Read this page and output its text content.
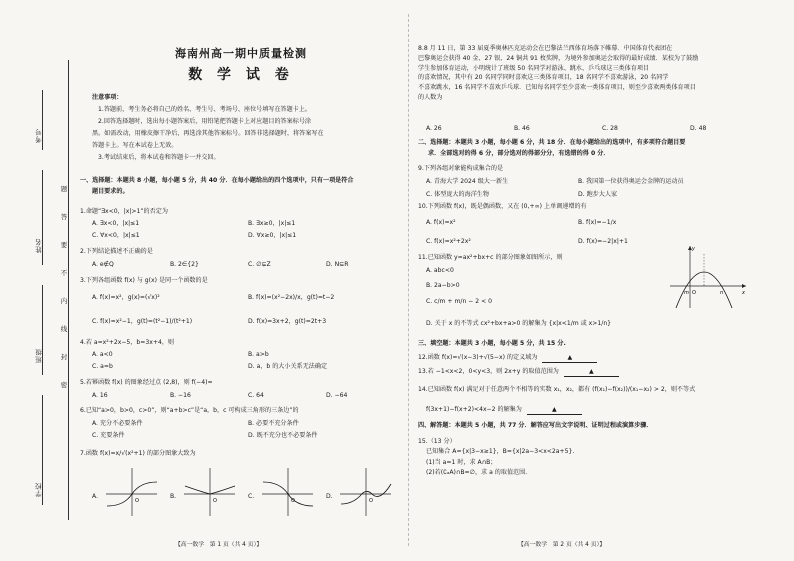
考号
姓名
班级
学校
题
答
要
不
内
线
封
密
海南州高一期中质量检测
数 学 试 卷
注意事项：
1.答题前，考生务必将自己的姓名、考生号、考场号、座位号填写在答题卡上。
2.回答选择题时，选出每小题答案后，用铅笔把答题卡上对应题目的答案标号涂
黑。如需改动，用橡皮擦干净后，再选涂其他答案标号。回答非选择题时，将答案写在
答题卡上。写在本试卷上无效。
3.考试结束后，将本试卷和答题卡一并交回。
一、选择题：本题共 8 小题，每小题 5 分，共 40 分．在每小题给出的四个选项中，只有一项是符合
题目要求的。
1.命题“∃x<0，|x|>1”的否定为
A. ∃x<0，|x|≤1	B. ∃x≥0，|x|≤1
C. ∀x<0，|x|≤1	D. ∀x≥0，|x|≤1
2.下列结论描述不正确的是
A. e∉Q	B. 2∈{2}	C. ∅⊊Z	D. N⊆R
3.下列各组函数 f(x) 与 g(x) 是同一个函数的是
A. f(x)=x²，g(x)=(√x)²	B. f(x)=(x²−2x)/x，g(t)=t−2
C. f(x)=x²−1，g(t)=(t²−1)/(t²+1)	D. f(x)=3x+2，g(t)=2t+3
4.若 a=x²+2x−5，b=3x+4，则
A. a<0	B. a>b
C. a=b	D. a，b 的大小关系无法确定
5.若幂函数 f(x) 的图象经过点 (2,8)，则 f(−4)=
A. 16	B. −16	C. 64	D. −64
6.已知“a>0，b>0，c>0”，则“a+b>c”是“a，b，c 可构成三角形的三条边”的
A. 充分不必要条件	B. 必要不充分条件
C. 充要条件	D. 既不充分也不必要条件
7.函数 f(x)=x/√(x²+1) 的部分图象大致为
A.
O
B.
O
C.
O
D.
O
【高一数学　第 1 页（共 4 页）】
8.8 月 11 日，第 33 届夏季奥林匹克运动会在巴黎法兰西体育场落下帷幕．中国体育代表团在
巴黎奥运会获得 40 金、27 银、24 铜共 91 枚奖牌，为境外参加奥运会取得的最好成绩．某校为了鼓励
学生参加体育运动，小明统计了班级 50 名同学对游泳、跳水、乒乓球这三类体育项目
的喜欢情况，其中有 20 名同学同时喜欢这三类体育项目，18 名同学不喜欢游泳，20 名同学
不喜欢跳水，16 名同学不喜欢乒乓球．已知每名同学至少喜欢一类体育项目，则至少喜欢两类体育项目
的人数为
A. 26	B. 46	C. 28	D. 48
二、选择题：本题共 3 小题，每小题 6 分，共 18 分．在每小题给出的选项中，有多项符合题目要
求．全部选对的得 6 分，部分选对的得部分分，有选错的得 0 分．
9.下列各组对象能构成集合的是
A. 青海大学 2024 级大一新生	B. 我国第一位获得奥运会金牌的运动员
C. 体型庞大的海洋生物	D. 跑步大人家
10.下列函数 f(x)，既是偶函数，又在 (0,+∞) 上单调递增的有
A. f(x)=x²	B. f(x)=−1/x
C. f(x)=x²+2x²	D. f(x)=−2|x|+1
11.已知函数 y=ax²+bx+c 的部分图象如图所示，则
A. abc<0
B. 2a−b>0
C. c/m + m/n − 2 < 0
D. 关于 x 的不等式 cx²+bx+a>0 的解集为 {x|x<1/m 或 x>1/n}
y
x
m O	n
三、填空题：本题共 3 小题，每小题 5 分，共 15 分.
12.函数 f(x)=√(x−3)+√(5−x) 的定义域为	▲
13.若 −1<x<2，0<y<3，则 2x+y 的取值范围为	▲
14.已知函数 f(x) 满足对于任意两个不相等的实数 x₁，x₂，都有 (f(x₁)−f(x₂))/(x₁−x₂) > 2，则不等式
f(3x+1)−f(x+2)<4x−2 的解集为	▲
四、解答题：本题共 5 小题，共 77 分．解答应写出文字说明、证明过程或演算步骤．
15.（13 分）
已知集合 A={x|3−x≥1}，B={x|2a−3<x<2a+5}.
(1)当 a=1 时，求 A∩B；
(2)若(∁ₐA)∩B=∅，求 a 的取值范围.
【高一数学　第 2 页（共 4 页）】
